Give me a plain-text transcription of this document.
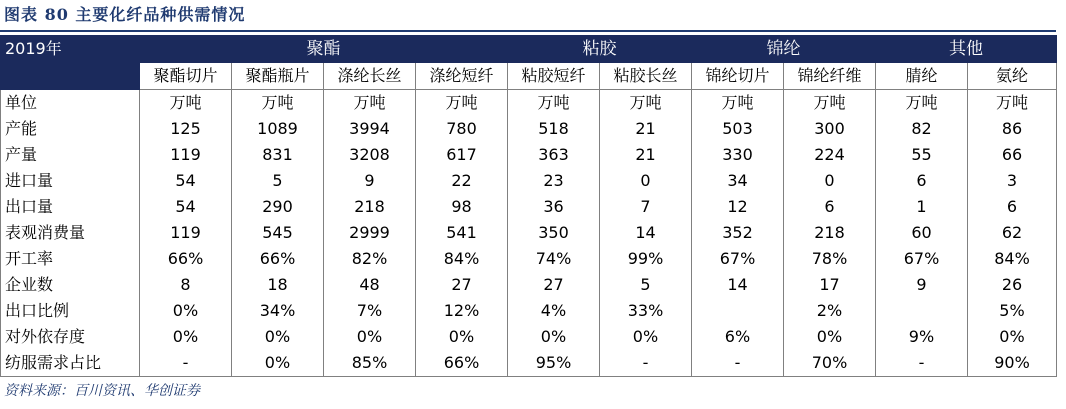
图表 80 主要化纤品种供需情况
2019年	聚酯				粘胶		锦纶		其他	
	聚酯切片	聚酯瓶片	涤纶长丝	涤纶短纤	粘胶短纤	粘胶长丝	锦纶切片	锦纶纤维	腈纶	氨纶
单位	万吨	万吨	万吨	万吨	万吨	万吨	万吨	万吨	万吨	万吨
产能	125	1089	3994	780	518	21	503	300	82	86
产量	119	831	3208	617	363	21	330	224	55	66
进口量	54	5	9	22	23	0	34	0	6	3
出口量	54	290	218	98	36	7	12	6	1	6
表观消费量	119	545	2999	541	350	14	352	218	60	62
开工率	66%	66%	82%	84%	74%	99%	67%	78%	67%	84%
企业数	8	18	48	27	27	5	14	17	9	26
出口比例	0%	34%	7%	12%	4%	33%		2%		5%
对外依存度	0%	0%	0%	0%	0%	0%	6%	0%	9%	0%
纺服需求占比	-	0%	85%	66%	95%	-	-	70%	-	90%
资料来源：百川资讯、华创证券
